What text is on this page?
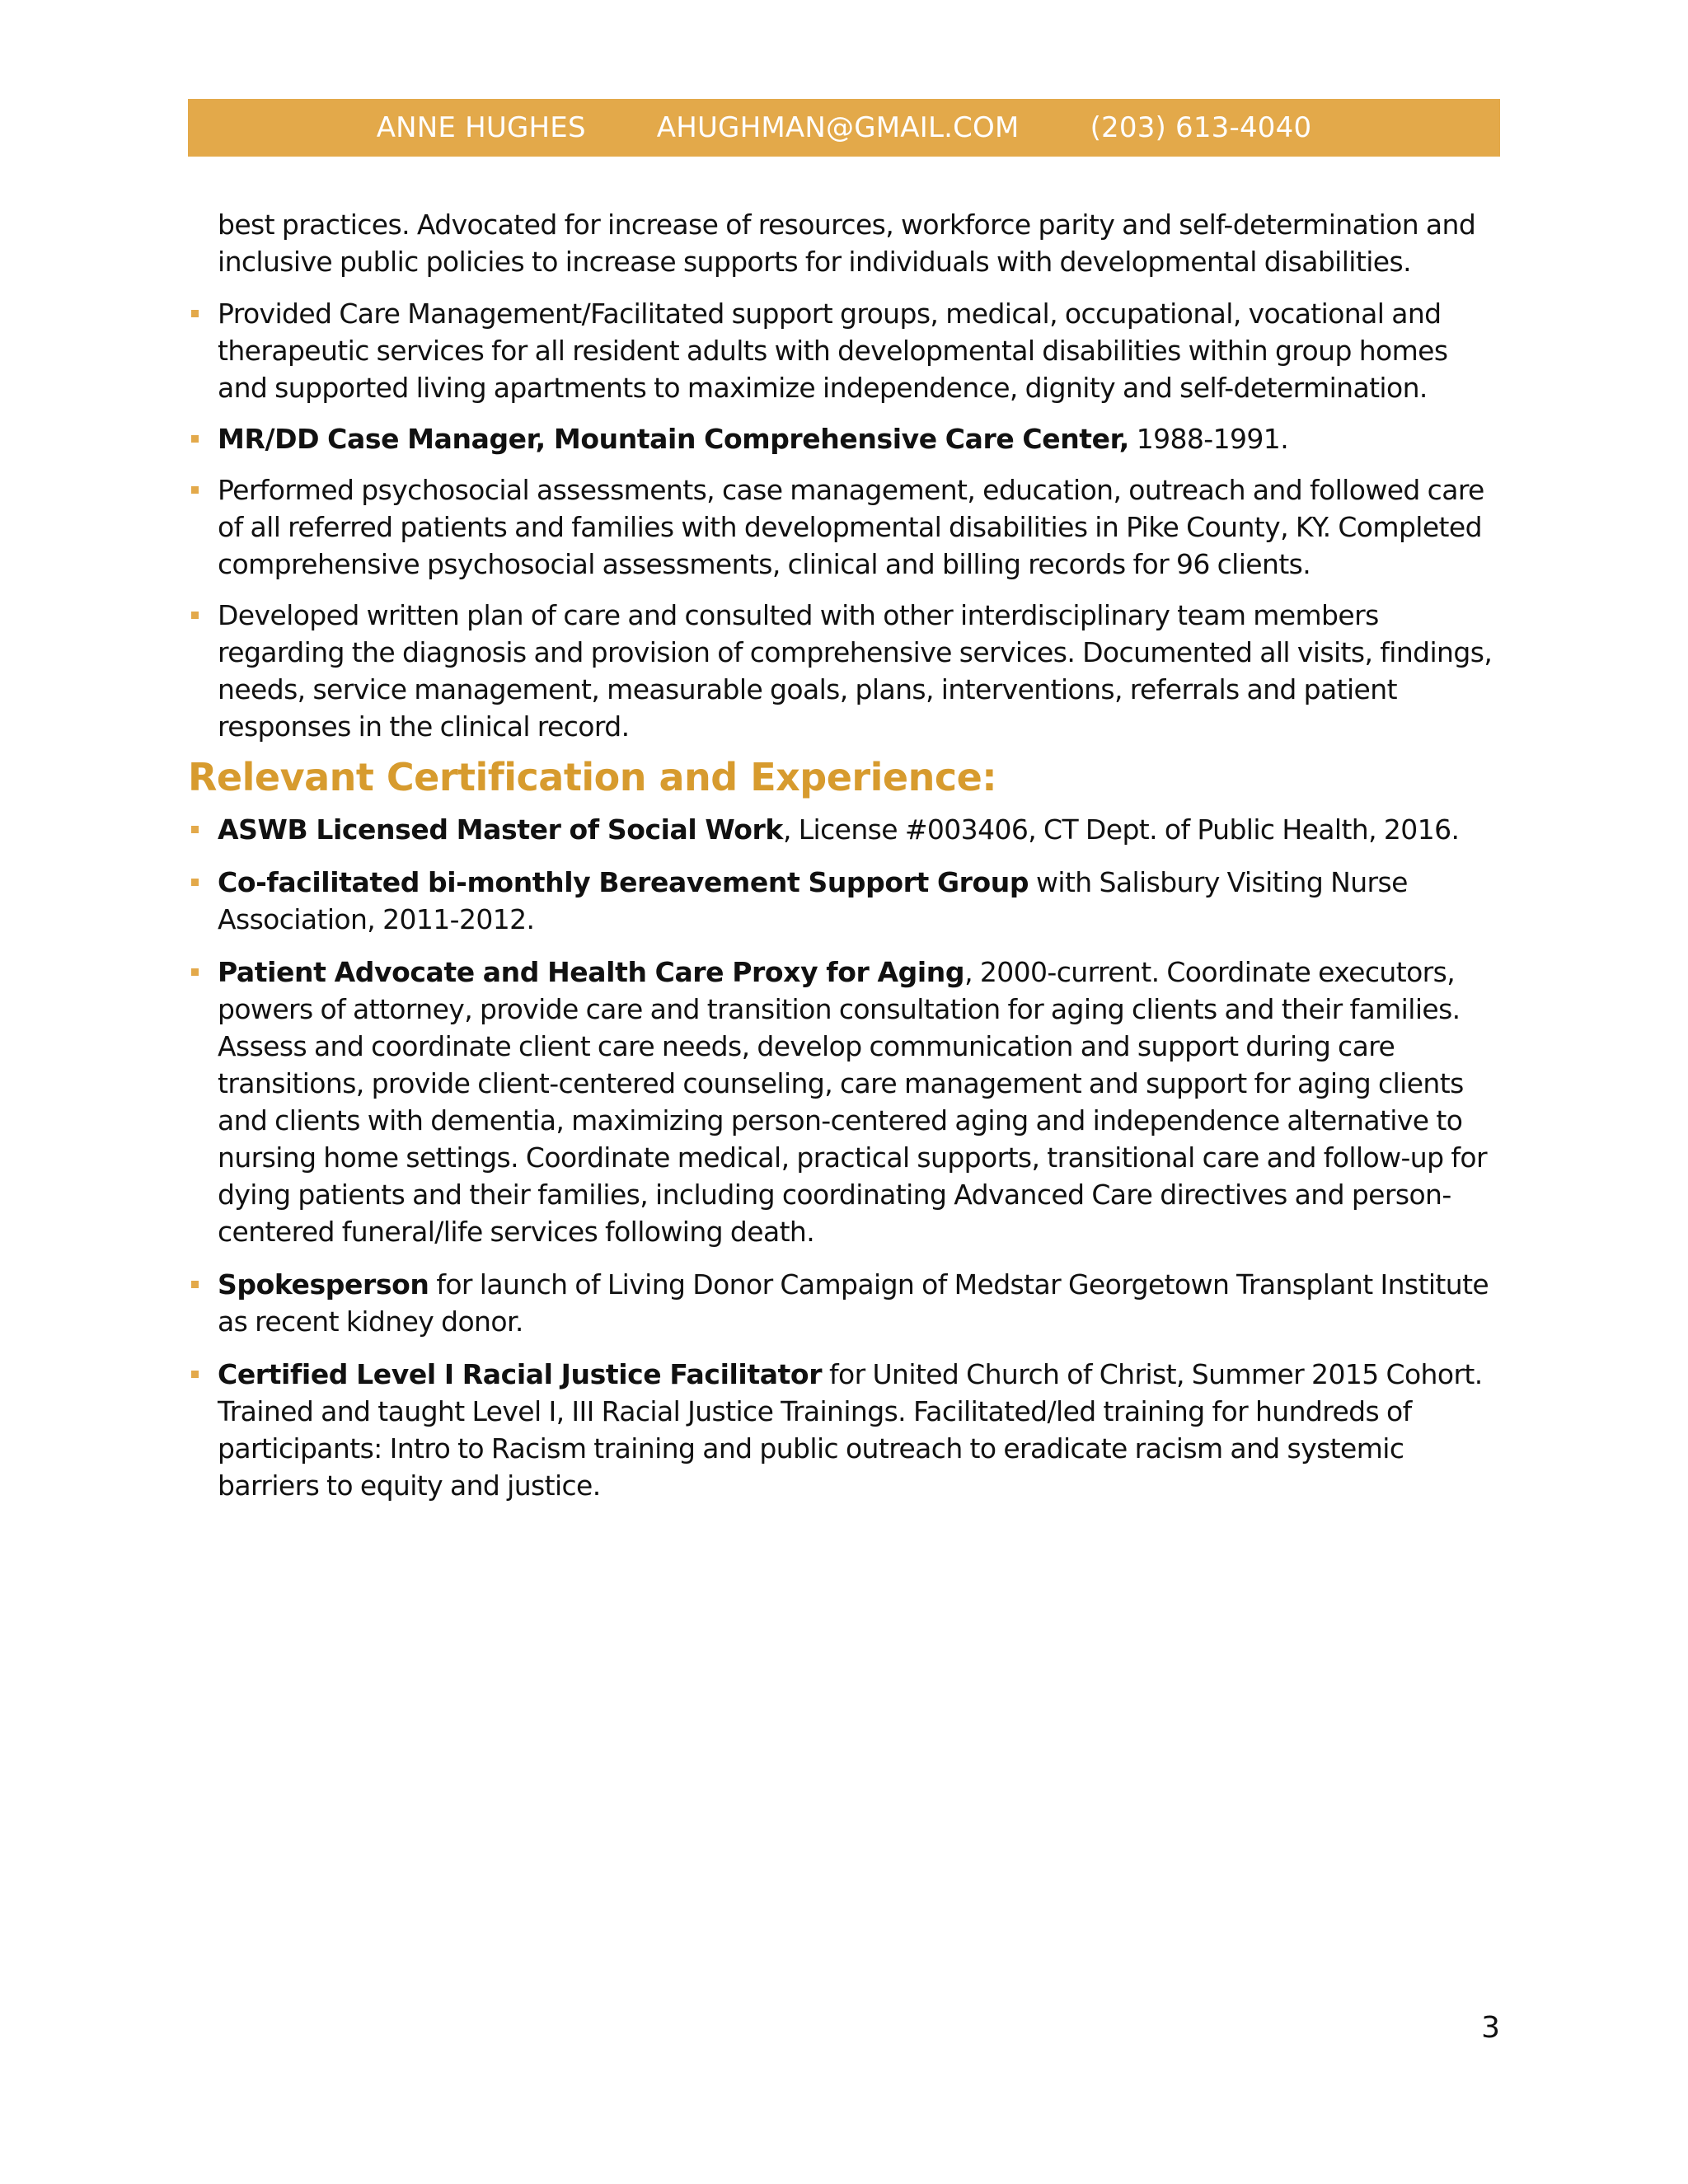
ANNE HUGHES	AHUGHMAN@GMAIL.COM	(203) 613-4040

best practices. Advocated for increase of resources, workforce parity and self-determination and inclusive public policies to increase supports for individuals with developmental disabilities.

Provided Care Management/Facilitated support groups, medical, occupational, vocational and therapeutic services for all resident adults with developmental disabilities within group homes and supported living apartments to maximize independence, dignity and self-determination.
MR/DD Case Manager, Mountain Comprehensive Care Center, 1988-1991.
Performed psychosocial assessments, case management, education, outreach and followed care of all referred patients and families with developmental disabilities in Pike County, KY. Completed comprehensive psychosocial assessments, clinical and billing records for 96 clients.
Developed written plan of care and consulted with other interdisciplinary team members regarding the diagnosis and provision of comprehensive services. Documented all visits, findings, needs, service management, measurable goals, plans, interventions, referrals and patient responses in the clinical record.
Relevant Certification and Experience:
ASWB Licensed Master of Social Work, License #003406, CT Dept. of Public Health, 2016.
Co-facilitated bi-monthly Bereavement Support Group with Salisbury Visiting Nurse Association, 2011-2012.
Patient Advocate and Health Care Proxy for Aging, 2000-current. Coordinate executors, powers of attorney, provide care and transition consultation for aging clients and their families. Assess and coordinate client care needs, develop communication and support during care transitions, provide client-centered counseling, care management and support for aging clients and clients with dementia, maximizing person-centered aging and independence alternative to nursing home settings. Coordinate medical, practical supports, transitional care and follow-up for dying patients and their families, including coordinating Advanced Care directives and person-centered funeral/life services following death.
Spokesperson for launch of Living Donor Campaign of Medstar Georgetown Transplant Institute as recent kidney donor.
Certified Level I Racial Justice Facilitator for United Church of Christ, Summer 2015 Cohort. Trained and taught Level I, III Racial Justice Trainings. Facilitated/led training for hundreds of participants: Intro to Racism training and public outreach to eradicate racism and systemic barriers to equity and justice.
3
